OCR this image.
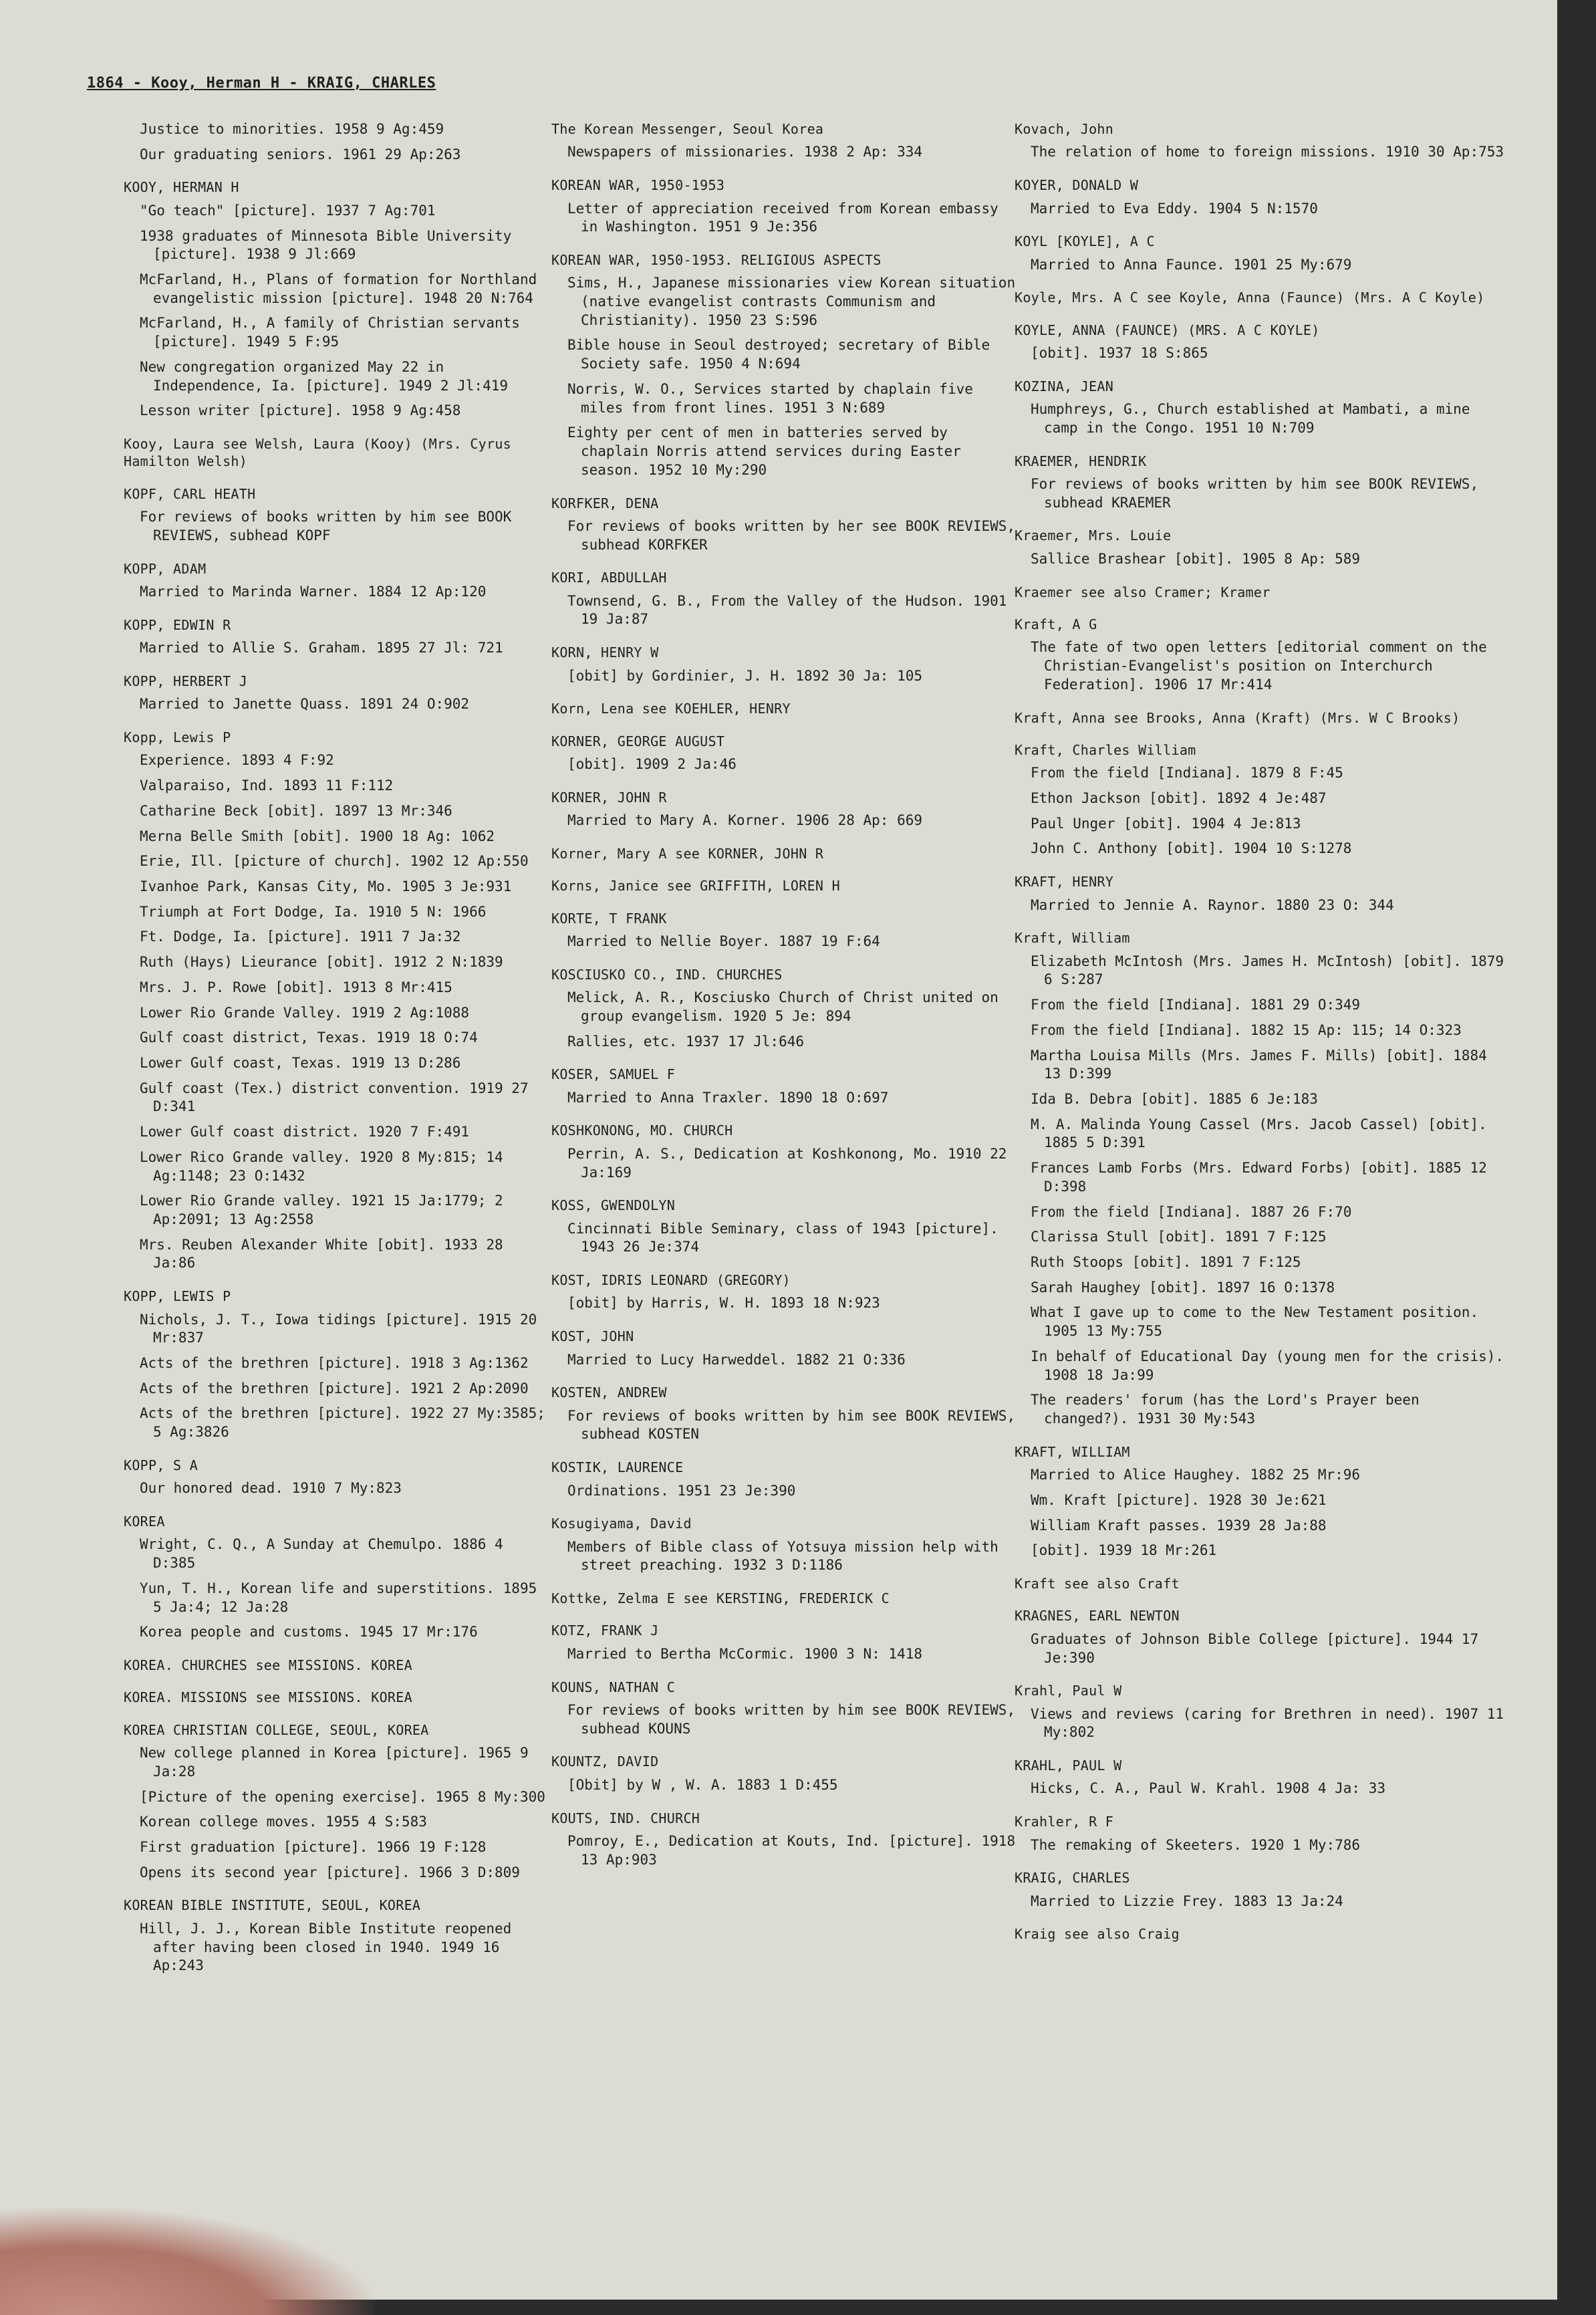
1864 - Kooy, Herman H - KRAIG, CHARLES
Justice to minorities. 1958 9 Ag:459
Our graduating seniors. 1961 29 Ap:263
KOOY, HERMAN H
"Go teach" [picture]. 1937 7 Ag:701
1938 graduates of Minnesota Bible University [picture]. 1938 9 Jl:669
McFarland, H., Plans of formation for Northland evangelistic mission [picture]. 1948 20 N:764
McFarland, H., A family of Christian servants [picture]. 1949 5 F:95
New congregation organized May 22 in Independence, Ia. [picture]. 1949 2 Jl:419
Lesson writer [picture]. 1958 9 Ag:458
Kooy, Laura see Welsh, Laura (Kooy) (Mrs. Cyrus Hamilton Welsh)
KOPF, CARL HEATH
For reviews of books written by him see BOOK REVIEWS, subhead KOPF
KOPP, ADAM
Married to Marinda Warner. 1884 12 Ap:120
KOPP, EDWIN R
Married to Allie S. Graham. 1895 27 Jl: 721
KOPP, HERBERT J
Married to Janette Quass. 1891 24 O:902
Kopp, Lewis P
Experience. 1893 4 F:92
Valparaiso, Ind. 1893 11 F:112
Catharine Beck [obit]. 1897 13 Mr:346
Merna Belle Smith [obit]. 1900 18 Ag: 1062
Erie, Ill. [picture of church]. 1902 12 Ap:550
Ivanhoe Park, Kansas City, Mo. 1905 3 Je:931
Triumph at Fort Dodge, Ia. 1910 5 N: 1966
Ft. Dodge, Ia. [picture]. 1911 7 Ja:32
Ruth (Hays) Lieurance [obit]. 1912 2 N:1839
Mrs. J. P. Rowe [obit]. 1913 8 Mr:415
Lower Rio Grande Valley. 1919 2 Ag:1088
Gulf coast district, Texas. 1919 18 O:74
Lower Gulf coast, Texas. 1919 13 D:286
Gulf coast (Tex.) district convention. 1919 27 D:341
Lower Gulf coast district. 1920 7 F:491
Lower Rico Grande valley. 1920 8 My:815; 14 Ag:1148; 23 O:1432
Lower Rio Grande valley. 1921 15 Ja:1779; 2 Ap:2091; 13 Ag:2558
Mrs. Reuben Alexander White [obit]. 1933 28 Ja:86
KOPP, LEWIS P
Nichols, J. T., Iowa tidings [picture]. 1915 20 Mr:837
Acts of the brethren [picture]. 1918 3 Ag:1362
Acts of the brethren [picture]. 1921 2 Ap:2090
Acts of the brethren [picture]. 1922 27 My:3585; 5 Ag:3826
KOPP, S A
Our honored dead. 1910 7 My:823
KOREA
Wright, C. Q., A Sunday at Chemulpo. 1886 4 D:385
Yun, T. H., Korean life and superstitions. 1895 5 Ja:4; 12 Ja:28
Korea people and customs. 1945 17 Mr:176
KOREA. CHURCHES see MISSIONS. KOREA
KOREA. MISSIONS see MISSIONS. KOREA
KOREA CHRISTIAN COLLEGE, SEOUL, KOREA
New college planned in Korea [picture]. 1965 9 Ja:28
[Picture of the opening exercise]. 1965 8 My:300
Korean college moves. 1955 4 S:583
First graduation [picture]. 1966 19 F:128
Opens its second year [picture]. 1966 3 D:809
KOREAN BIBLE INSTITUTE, SEOUL, KOREA
Hill, J. J., Korean Bible Institute reopened after having been closed in 1940. 1949 16 Ap:243
The Korean Messenger, Seoul Korea
Newspapers of missionaries. 1938 2 Ap: 334
KOREAN WAR, 1950-1953
Letter of appreciation received from Korean embassy in Washington. 1951 9 Je:356
KOREAN WAR, 1950-1953. RELIGIOUS ASPECTS
Sims, H., Japanese missionaries view Korean situation (native evangelist contrasts Communism and Christianity). 1950 23 S:596
Bible house in Seoul destroyed; secretary of Bible Society safe. 1950 4 N:694
Norris, W. O., Services started by chaplain five miles from front lines. 1951 3 N:689
Eighty per cent of men in batteries served by chaplain Norris attend services during Easter season. 1952 10 My:290
KORFKER, DENA
For reviews of books written by her see BOOK REVIEWS, subhead KORFKER
KORI, ABDULLAH
Townsend, G. B., From the Valley of the Hudson. 1901 19 Ja:87
KORN, HENRY W
[obit] by Gordinier, J. H. 1892 30 Ja: 105
Korn, Lena see KOEHLER, HENRY
KORNER, GEORGE AUGUST
[obit]. 1909 2 Ja:46
KORNER, JOHN R
Married to Mary A. Korner. 1906 28 Ap: 669
Korner, Mary A see KORNER, JOHN R
Korns, Janice see GRIFFITH, LOREN H
KORTE, T FRANK
Married to Nellie Boyer. 1887 19 F:64
KOSCIUSKO CO., IND. CHURCHES
Melick, A. R., Kosciusko Church of Christ united on group evangelism. 1920 5 Je: 894
Rallies, etc. 1937 17 Jl:646
KOSER, SAMUEL F
Married to Anna Traxler. 1890 18 O:697
KOSHKONONG, MO. CHURCH
Perrin, A. S., Dedication at Koshkonong, Mo. 1910 22 Ja:169
KOSS, GWENDOLYN
Cincinnati Bible Seminary, class of 1943 [picture]. 1943 26 Je:374
KOST, IDRIS LEONARD (GREGORY)
[obit] by Harris, W. H. 1893 18 N:923
KOST, JOHN
Married to Lucy Harweddel. 1882 21 O:336
KOSTEN, ANDREW
For reviews of books written by him see BOOK REVIEWS, subhead KOSTEN
KOSTIK, LAURENCE
Ordinations. 1951 23 Je:390
Kosugiyama, David
Members of Bible class of Yotsuya mission help with street preaching. 1932 3 D:1186
Kottke, Zelma E see KERSTING, FREDERICK C
KOTZ, FRANK J
Married to Bertha McCormic. 1900 3 N: 1418
KOUNS, NATHAN C
For reviews of books written by him see BOOK REVIEWS, subhead KOUNS
KOUNTZ, DAVID
[Obit] by W , W. A. 1883 1 D:455
KOUTS, IND. CHURCH
Pomroy, E., Dedication at Kouts, Ind. [picture]. 1918 13 Ap:903
Kovach, John
The relation of home to foreign missions. 1910 30 Ap:753
KOYER, DONALD W
Married to Eva Eddy. 1904 5 N:1570
KOYL [KOYLE], A C
Married to Anna Faunce. 1901 25 My:679
Koyle, Mrs. A C see Koyle, Anna (Faunce) (Mrs. A C Koyle)
KOYLE, ANNA (FAUNCE) (MRS. A C KOYLE)
[obit]. 1937 18 S:865
KOZINA, JEAN
Humphreys, G., Church established at Mambati, a mine camp in the Congo. 1951 10 N:709
KRAEMER, HENDRIK
For reviews of books written by him see BOOK REVIEWS, subhead KRAEMER
Kraemer, Mrs. Louie
Sallice Brashear [obit]. 1905 8 Ap: 589
Kraemer see also Cramer; Kramer
Kraft, A G
The fate of two open letters [editorial comment on the Christian-Evangelist's position on Interchurch Federation]. 1906 17 Mr:414
Kraft, Anna see Brooks, Anna (Kraft) (Mrs. W C Brooks)
Kraft, Charles William
From the field [Indiana]. 1879 8 F:45
Ethon Jackson [obit]. 1892 4 Je:487
Paul Unger [obit]. 1904 4 Je:813
John C. Anthony [obit]. 1904 10 S:1278
KRAFT, HENRY
Married to Jennie A. Raynor. 1880 23 O: 344
Kraft, William
Elizabeth McIntosh (Mrs. James H. McIntosh) [obit]. 1879 6 S:287
From the field [Indiana]. 1881 29 O:349
From the field [Indiana]. 1882 15 Ap: 115; 14 O:323
Martha Louisa Mills (Mrs. James F. Mills) [obit]. 1884 13 D:399
Ida B. Debra [obit]. 1885 6 Je:183
M. A. Malinda Young Cassel (Mrs. Jacob Cassel) [obit]. 1885 5 D:391
Frances Lamb Forbs (Mrs. Edward Forbs) [obit]. 1885 12 D:398
From the field [Indiana]. 1887 26 F:70
Clarissa Stull [obit]. 1891 7 F:125
Ruth Stoops [obit]. 1891 7 F:125
Sarah Haughey [obit]. 1897 16 O:1378
What I gave up to come to the New Testament position. 1905 13 My:755
In behalf of Educational Day (young men for the crisis). 1908 18 Ja:99
The readers' forum (has the Lord's Prayer been changed?). 1931 30 My:543
KRAFT, WILLIAM
Married to Alice Haughey. 1882 25 Mr:96
Wm. Kraft [picture]. 1928 30 Je:621
William Kraft passes. 1939 28 Ja:88
[obit]. 1939 18 Mr:261
Kraft see also Craft
KRAGNES, EARL NEWTON
Graduates of Johnson Bible College [picture]. 1944 17 Je:390
Krahl, Paul W
Views and reviews (caring for Brethren in need). 1907 11 My:802
KRAHL, PAUL W
Hicks, C. A., Paul W. Krahl. 1908 4 Ja: 33
Krahler, R F
The remaking of Skeeters. 1920 1 My:786
KRAIG, CHARLES
Married to Lizzie Frey. 1883 13 Ja:24
Kraig see also Craig
